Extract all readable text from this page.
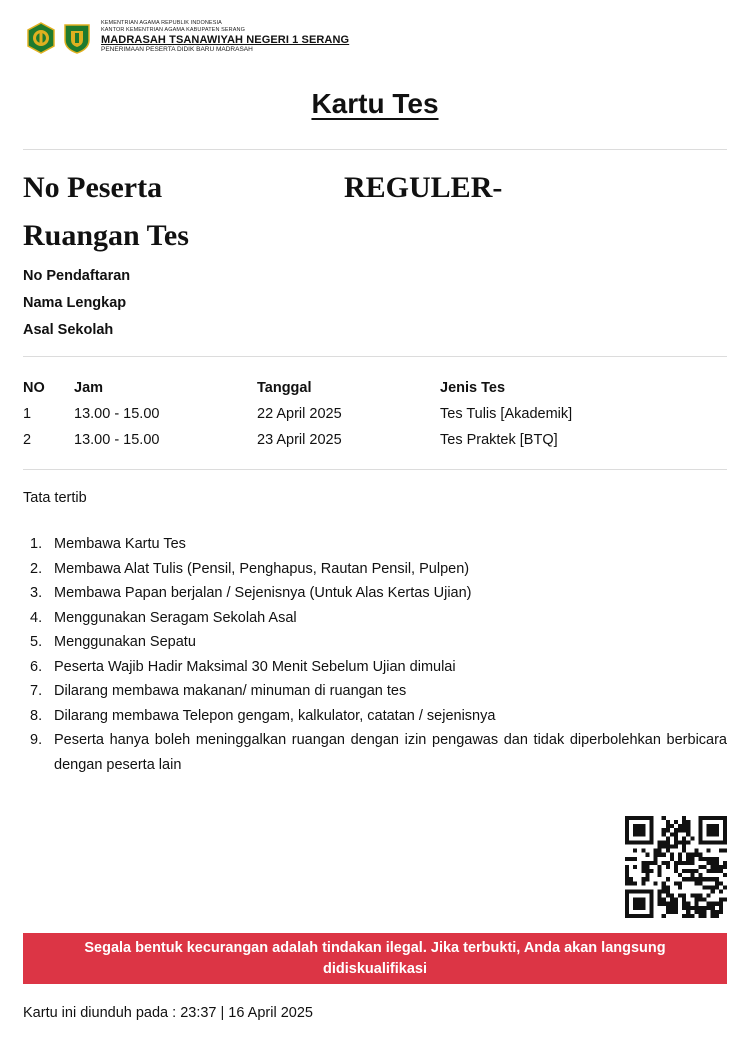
KEMENTRIAN AGAMA REPUBLIK INDONESIA
KANTOR KEMENTRIAN AGAMA KABUPATEN SERANG
MADRASAH TSANAWIYAH NEGERI 1 SERANG
PENERIMAAN PESERTA DIDIK BARU MADRASAH
Kartu Tes
No Peserta	REGULER-
Ruangan Tes
No Pendaftaran
Nama Lengkap
Asal Sekolah
NO Jam	Tanggal	Jenis Tes
1	13.00 - 15.00	22 April 2025	Tes Tulis [Akademik]
2	13.00 - 15.00	23 April 2025	Tes Praktek [BTQ]
Tata tertib
1. Membawa Kartu Tes
2. Membawa Alat Tulis (Pensil, Penghapus, Rautan Pensil, Pulpen)
3. Membawa Papan berjalan / Sejenisnya (Untuk Alas Kertas Ujian)
4. Menggunakan Seragam Sekolah Asal
5. Menggunakan Sepatu
6. Peserta Wajib Hadir Maksimal 30 Menit Sebelum Ujian dimulai
7. Dilarang membawa makanan/ minuman di ruangan tes
8. Dilarang membawa Telepon gengam, kalkulator, catatan / sejenisnya
9. Peserta hanya boleh meninggalkan ruangan dengan izin pengawas dan tidak diperbolehkan berbicara dengan peserta lain
Segala bentuk kecurangan adalah tindakan ilegal. Jika terbukti, Anda akan langsung didiskualifikasi
Kartu ini diunduh pada : 23:37 | 16 April 2025
